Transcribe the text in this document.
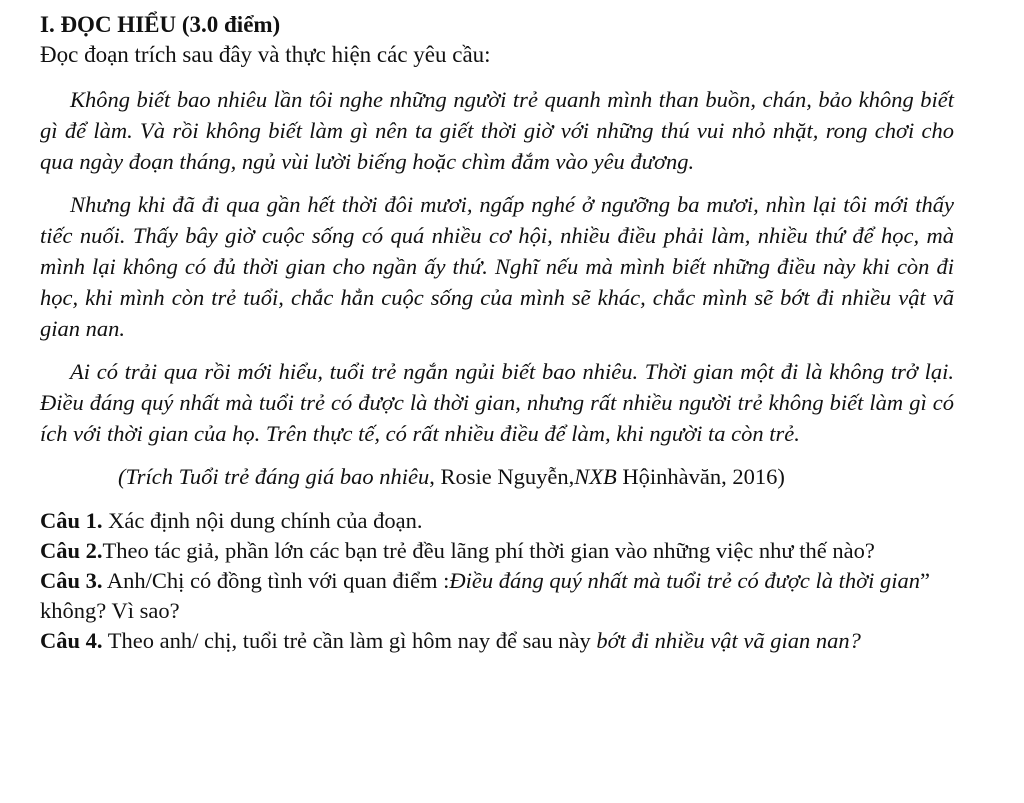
I. ĐỌC HIỂU (3.0 điểm)

Đọc đoạn trích sau đây và thực hiện các yêu cầu:

Không biết bao nhiêu lần tôi nghe những người trẻ quanh mình than buồn, chán, bảo không biết gì để làm. Và rồi không biết làm gì nên ta giết thời giờ với những thú vui nhỏ nhặt, rong chơi cho qua ngày đoạn tháng, ngủ vùi lười biếng hoặc chìm đắm vào yêu đương.

Nhưng khi đã đi qua gần hết thời đôi mươi, ngấp nghé ở ngưỡng ba mươi, nhìn lại tôi mới thấy tiếc nuối. Thấy bây giờ cuộc sống có quá nhiều cơ hội, nhiều điều phải làm, nhiều thứ để học, mà mình lại không có đủ thời gian cho ngần ấy thứ. Nghĩ nếu mà mình biết những điều này khi còn đi học, khi mình còn trẻ tuổi, chắc hẳn cuộc sống của mình sẽ khác, chắc mình sẽ bớt đi nhiều vật vã gian nan.

Ai có trải qua rồi mới hiểu, tuổi trẻ ngắn ngủi biết bao nhiêu. Thời gian một đi là không trở lại. Điều đáng quý nhất mà tuổi trẻ có được là thời gian, nhưng rất nhiều người trẻ không biết làm gì có ích với thời gian của họ. Trên thực tế, có rất nhiều điều để làm, khi người ta còn trẻ.

(Trích Tuổi trẻ đáng giá bao nhiêu, Rosie Nguyễn,NXB Hộinhàvăn, 2016)

Câu 1. Xác định nội dung chính của đoạn.

Câu 2.Theo tác giả, phần lớn các bạn trẻ đều lãng phí thời gian vào những việc như thế nào?

Câu 3. Anh/Chị có đồng tình với quan điểm :Điều đáng quý nhất mà tuổi trẻ có được là thời gian” không? Vì sao?

Câu 4. Theo anh/ chị, tuổi trẻ cần làm gì hôm nay để sau này bớt đi nhiều vật vã gian nan?
